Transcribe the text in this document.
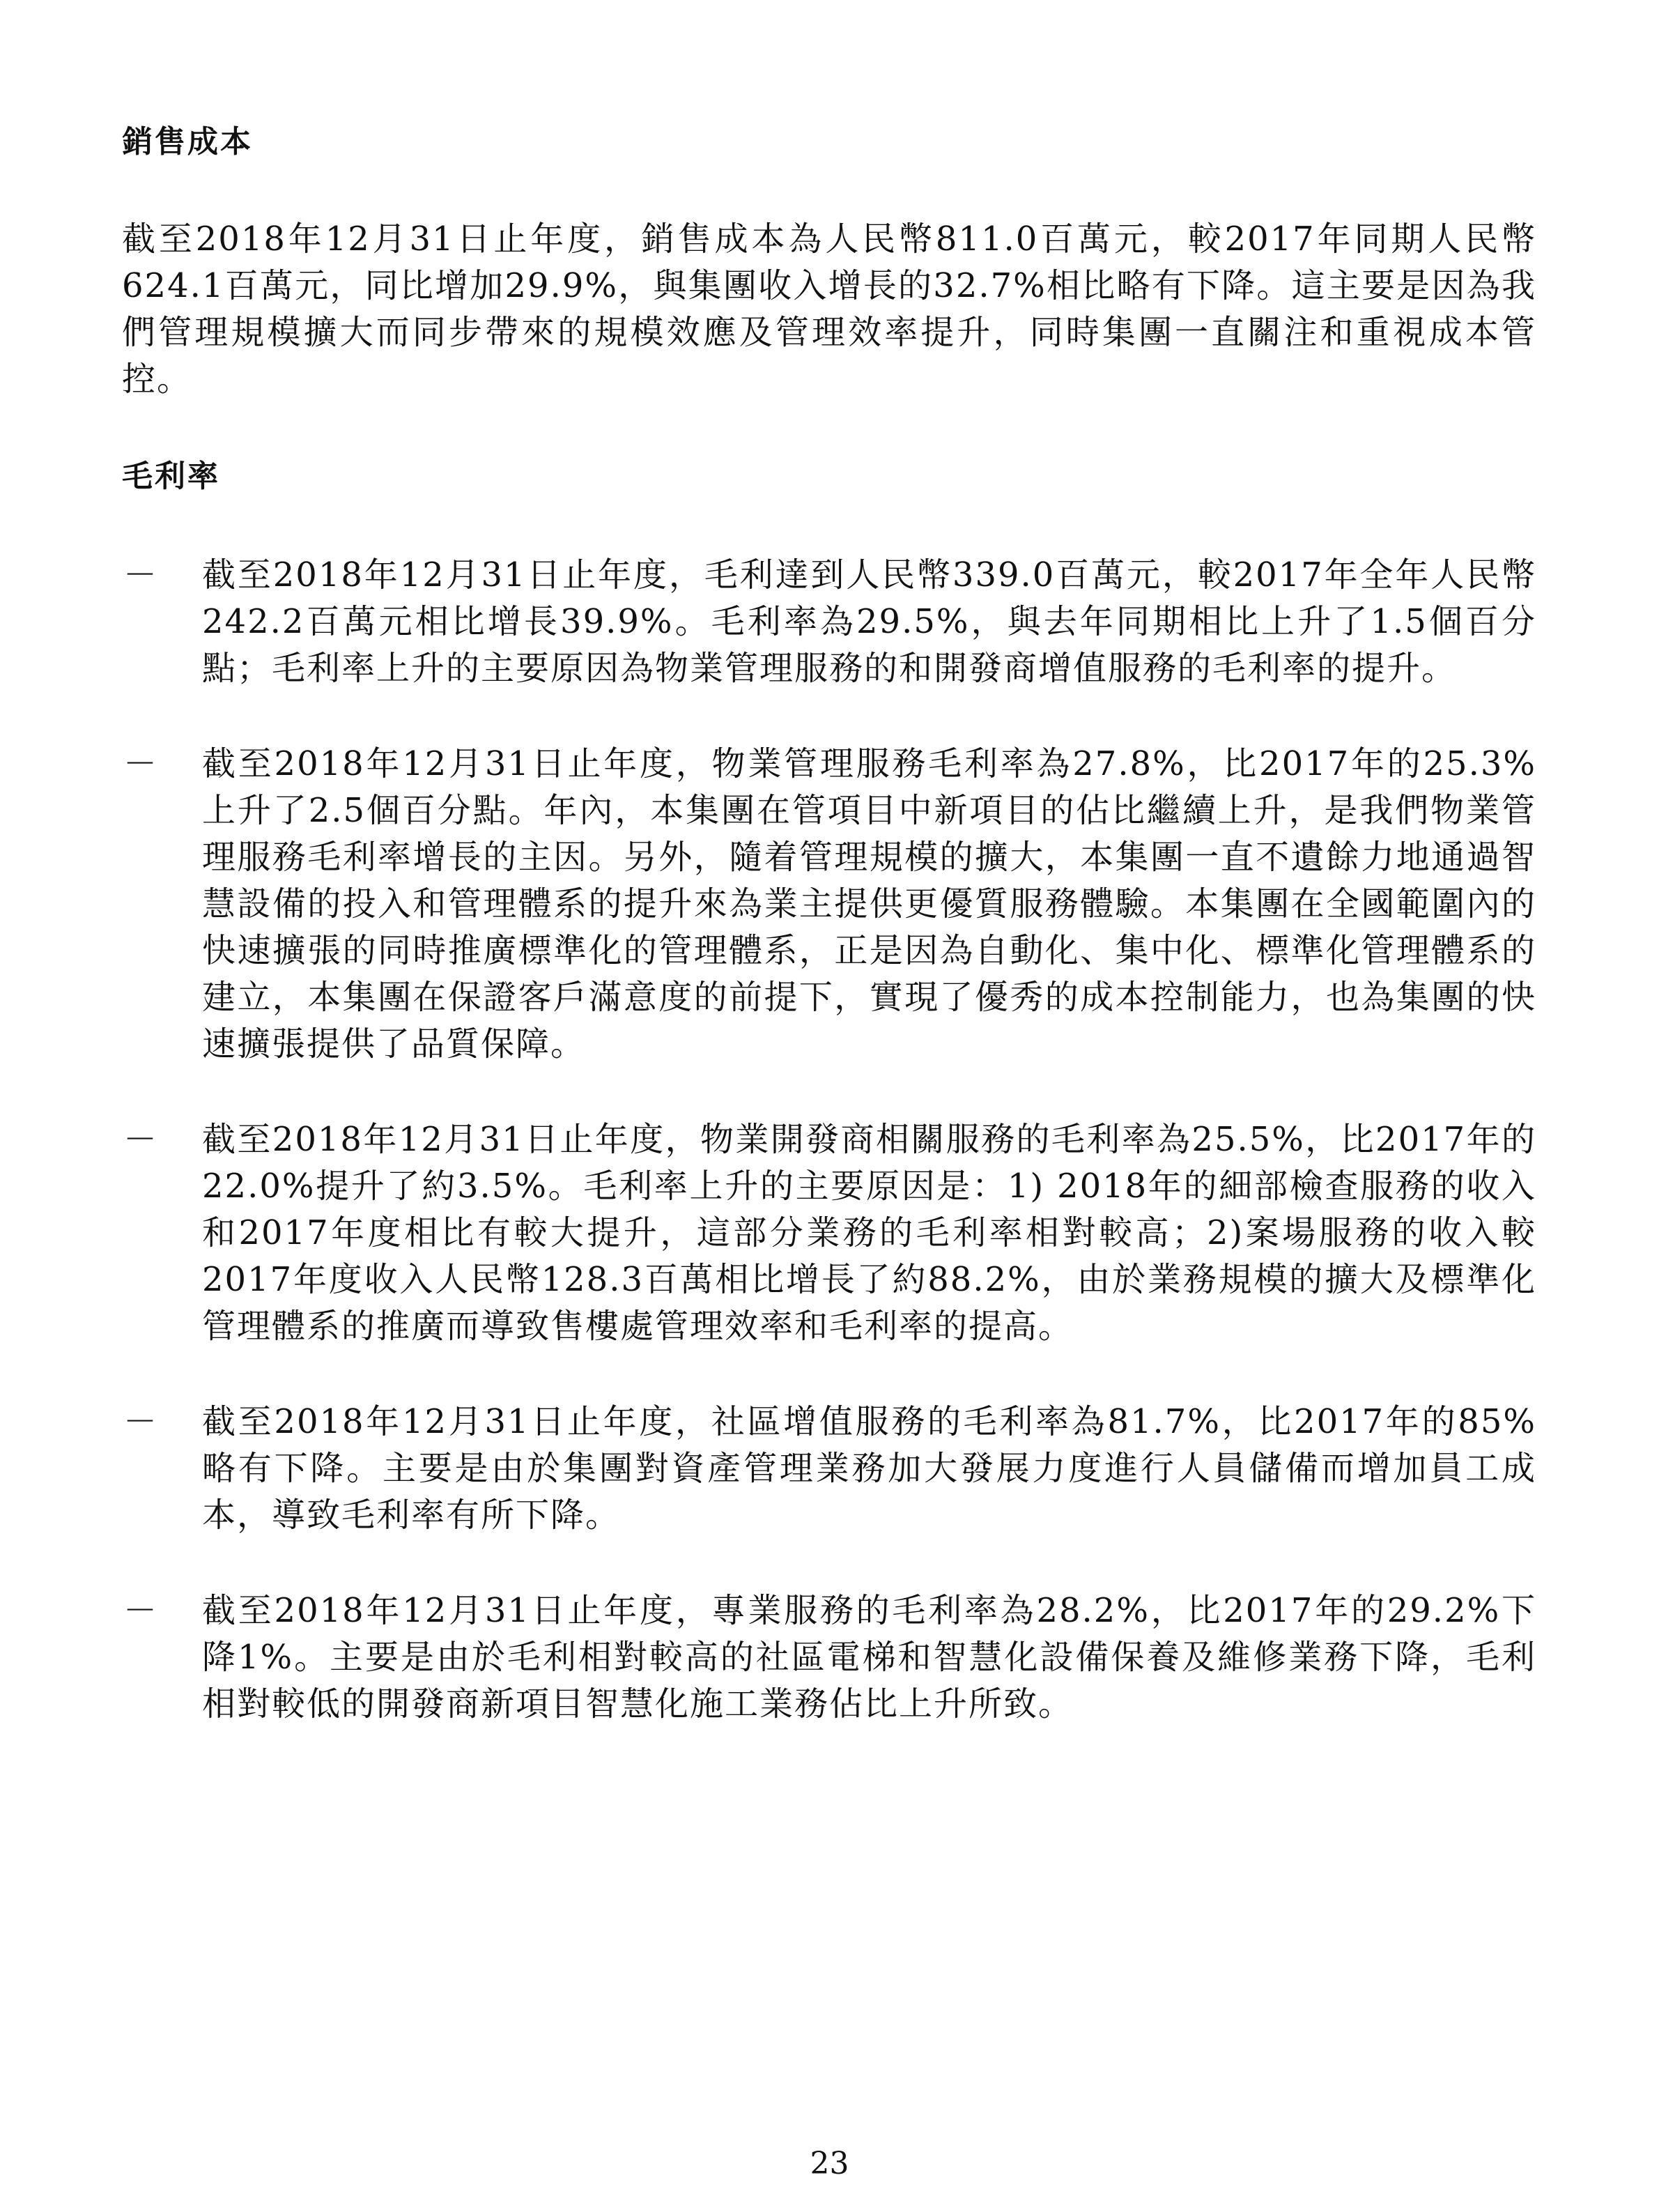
銷售成本

截至2018年12月31日止年度，銷售成本為人民幣811.0百萬元，較2017年同期人民幣624.1百萬元，同比增加29.9%，與集團收入增長的32.7%相比略有下降。這主要是因為我們管理規模擴大而同步帶來的規模效應及管理效率提升，同時集團一直關注和重視成本管控。

毛利率
－ 截至2018年12月31日止年度，毛利達到人民幣339.0百萬元，較2017年全年人民幣242.2百萬元相比增長39.9%。毛利率為29.5%，與去年同期相比上升了1.5個百分點；毛利率上升的主要原因為物業管理服務的和開發商增值服務的毛利率的提升。

－ 截至2018年12月31日止年度，物業管理服務毛利率為27.8%，比2017年的25.3%上升了2.5個百分點。年內，本集團在管項目中新項目的佔比繼續上升，是我們物業管理服務毛利率增長的主因。另外，隨着管理規模的擴大，本集團一直不遺餘力地通過智慧設備的投入和管理體系的提升來為業主提供更優質服務體驗。本集團在全國範圍內的快速擴張的同時推廣標準化的管理體系，正是因為自動化、集中化、標準化管理體系的建立，本集團在保證客戶滿意度的前提下，實現了優秀的成本控制能力，也為集團的快速擴張提供了品質保障。

－ 截至2018年12月31日止年度，物業開發商相關服務的毛利率為25.5%，比2017年的22.0%提升了約3.5%。毛利率上升的主要原因是：1) 2018年的細部檢查服務的收入和2017年度相比有較大提升，這部分業務的毛利率相對較高；2)案場服務的收入較2017年度收入人民幣128.3百萬相比增長了約88.2%，由於業務規模的擴大及標準化管理體系的推廣而導致售樓處管理效率和毛利率的提高。

－ 截至2018年12月31日止年度，社區增值服務的毛利率為81.7%，比2017年的85%略有下降。主要是由於集團對資產管理業務加大發展力度進行人員儲備而增加員工成本，導致毛利率有所下降。

－ 截至2018年12月31日止年度，專業服務的毛利率為28.2%，比2017年的29.2%下降1%。主要是由於毛利相對較高的社區電梯和智慧化設備保養及維修業務下降，毛利相對較低的開發商新項目智慧化施工業務佔比上升所致。

23
